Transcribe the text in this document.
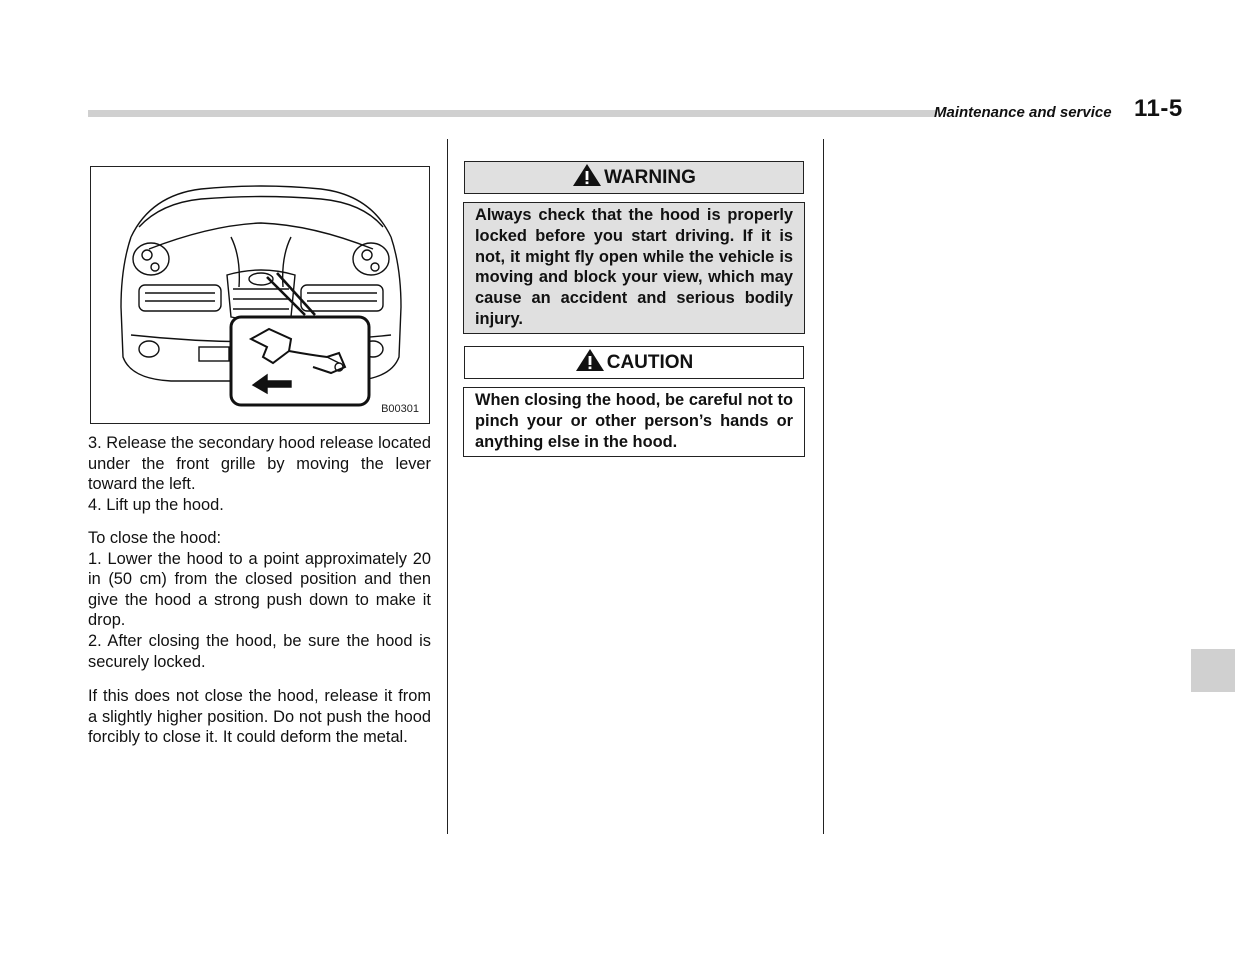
Maintenance and service 11-5
B00301

3. Release the secondary hood release located under the front grille by moving the lever toward the left.

4. Lift up the hood.

To close the hood:

1. Lower the hood to a point approximately 20 in (50 cm) from the closed position and then give the hood a strong push down to make it drop.

2. After closing the hood, be sure the hood is securely locked.

If this does not close the hood, release it from a slightly higher position. Do not push the hood forcibly to close it. It could deform the metal.

WARNING
Always check that the hood is properly locked before you start driving. If it is not, it might fly open while the vehicle is moving and block your view, which may cause an accident and serious bodily injury.
CAUTION
When closing the hood, be careful not to pinch your or other person’s hands or anything else in the hood.
